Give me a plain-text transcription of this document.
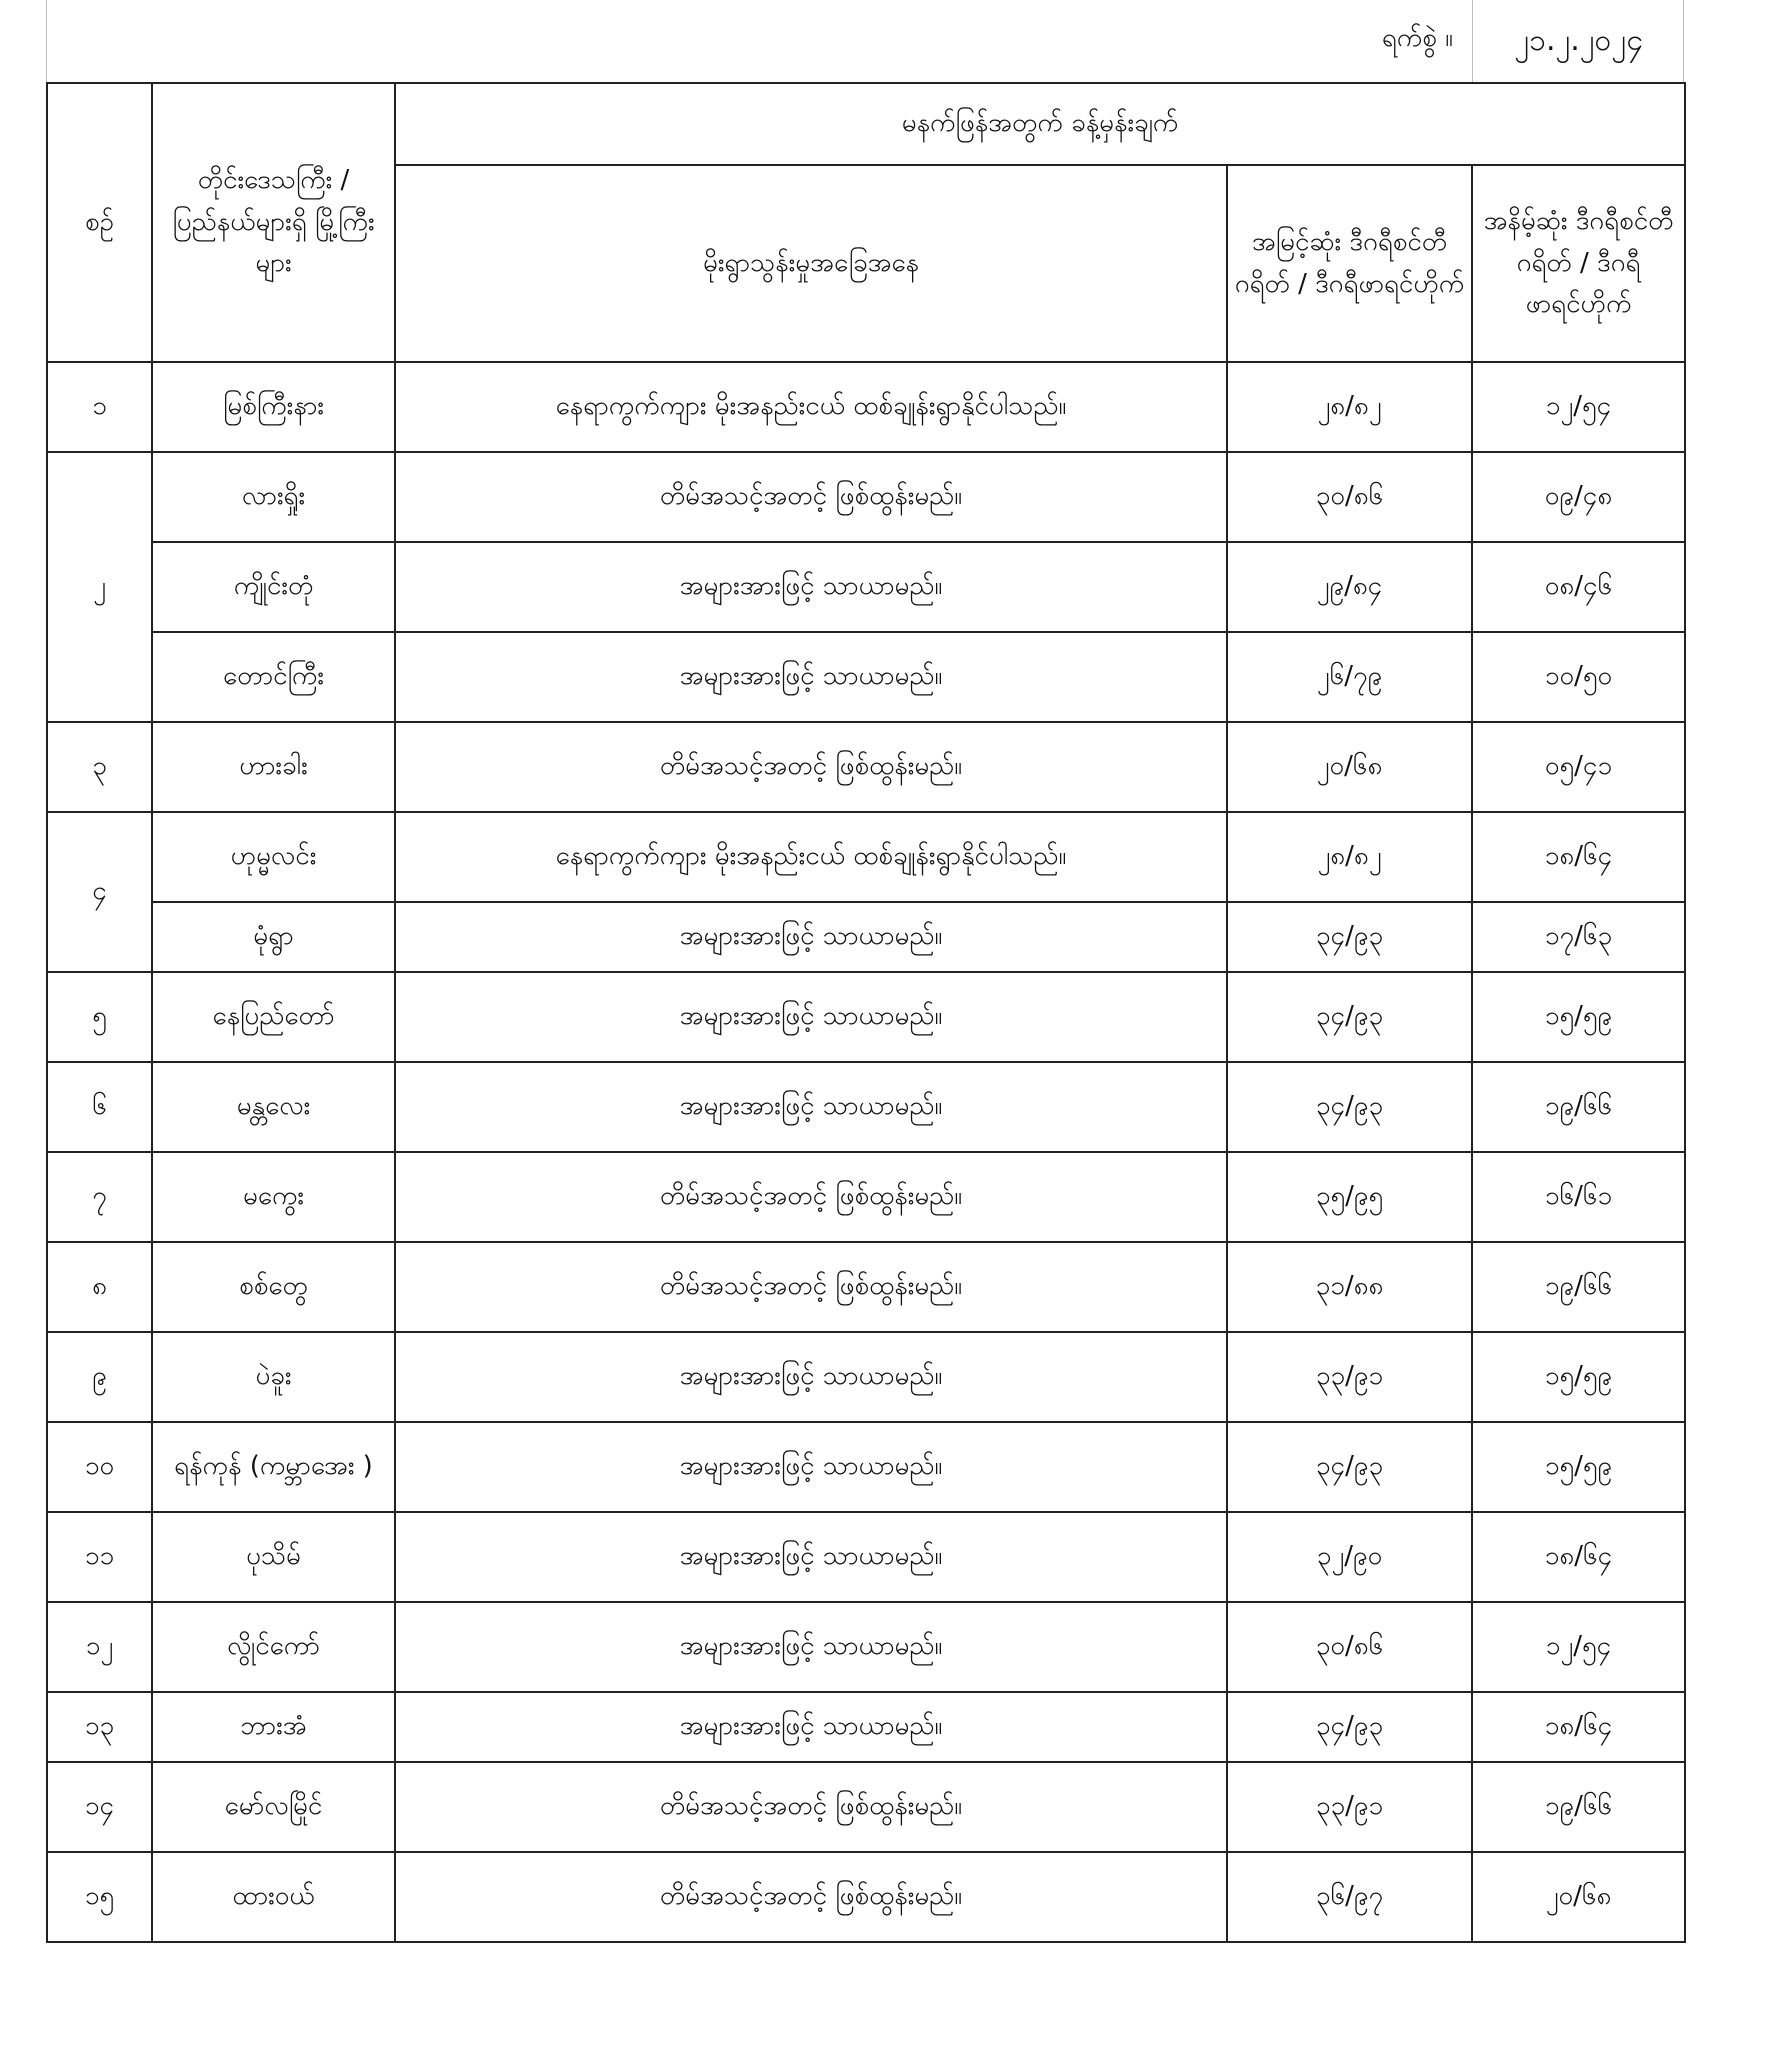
ရက်စွဲ ။ ၂၁.၂.၂၀၂၄
စဉ်	တိုင်းဒေသကြီး / ပြည်နယ်များရှိ မြို့ကြီးများ	မနက်ဖြန်အတွက် ခန့်မှန်းချက်		
		မိုးရွာသွန်းမှုအခြေအနေ	အမြင့်ဆုံး ဒီဂရီစင်တီဂရိတ် / ဒီဂရီဖာရင်ဟိုက်	အနိမ့်ဆုံး ဒီဂရီစင်တီဂရိတ် / ဒီဂရီဖာရင်ဟိုက်
၁	မြစ်ကြီးနား	နေရာကွက်ကျား မိုးအနည်းငယ် ထစ်ချုန်းရွာနိုင်ပါသည်။	၂၈/၈၂	၁၂/၅၄
၂	လားရှိုး	တိမ်အသင့်အတင့် ဖြစ်ထွန်းမည်။	၃၀/၈၆	၀၉/၄၈
	ကျိုင်းတုံ	အများအားဖြင့် သာယာမည်။	၂၉/၈၄	၀၈/၄၆
	တောင်ကြီး	အများအားဖြင့် သာယာမည်။	၂၆/၇၉	၁၀/၅၀
၃	ဟားခါး	တိမ်အသင့်အတင့် ဖြစ်ထွန်းမည်။	၂၀/၆၈	၀၅/၄၁
၄	ဟုမ္မလင်း	နေရာကွက်ကျား မိုးအနည်းငယ် ထစ်ချုန်းရွာနိုင်ပါသည်။	၂၈/၈၂	၁၈/၆၄
	မုံရွာ	အများအားဖြင့် သာယာမည်။	၃၄/၉၃	၁၇/၆၃
၅	နေပြည်တော်	အများအားဖြင့် သာယာမည်။	၃၄/၉၃	၁၅/၅၉
၆	မန္တလေး	အများအားဖြင့် သာယာမည်။	၃၄/၉၃	၁၉/၆၆
၇	မကွေး	တိမ်အသင့်အတင့် ဖြစ်ထွန်းမည်။	၃၅/၉၅	၁၆/၆၁
၈	စစ်တွေ	တိမ်အသင့်အတင့် ဖြစ်ထွန်းမည်။	၃၁/၈၈	၁၉/၆၆
၉	ပဲခူး	အများအားဖြင့် သာယာမည်။	၃၃/၉၁	၁၅/၅၉
၁၀	ရန်ကုန် (ကမ္ဘာအေး )	အများအားဖြင့် သာယာမည်။	၃၄/၉၃	၁၅/၅၉
၁၁	ပုသိမ်	အများအားဖြင့် သာယာမည်။	၃၂/၉၀	၁၈/၆၄
၁၂	လွိုင်ကော်	အများအားဖြင့် သာယာမည်။	၃၀/၈၆	၁၂/၅၄
၁၃	ဘားအံ	အများအားဖြင့် သာယာမည်။	၃၄/၉၃	၁၈/၆၄
၁၄	မော်လမြိုင်	တိမ်အသင့်အတင့် ဖြစ်ထွန်းမည်။	၃၃/၉၁	၁၉/၆၆
၁၅	ထားဝယ်	တိမ်အသင့်အတင့် ဖြစ်ထွန်းမည်။	၃၆/၉၇	၂၀/၆၈
